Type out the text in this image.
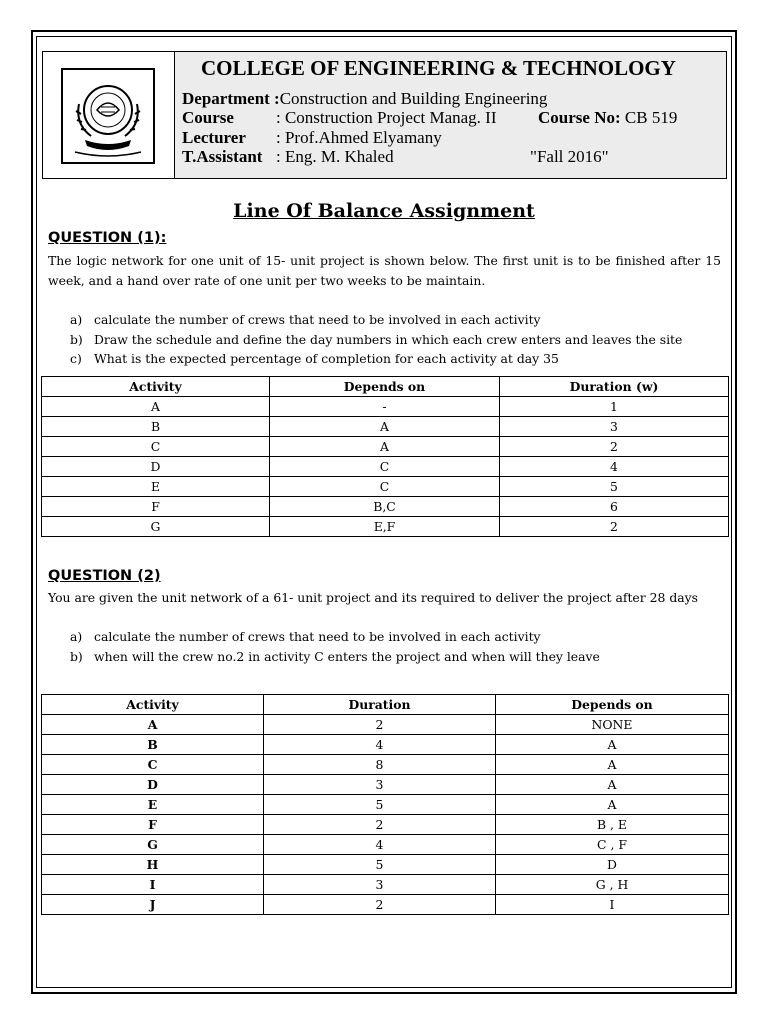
COLLEGE OF ENGINEERING & TECHNOLOGY
Department :Construction and Building Engineering
Course : Construction Project Manag. II Course No: CB 519
Lecturer : Prof.Ahmed Elyamany
T.Assistant : Eng. M. Khaled	"Fall 2016"
Line Of Balance Assignment
QUESTION (1):
The logic network for one unit of 15- unit project is shown below. The first unit is to be finished after 15 week, and a hand over rate of one unit per two weeks to be maintain.
a) calculate the number of crews that need to be involved in each activity
b) Draw the schedule and define the day numbers in which each crew enters and leaves the site
c) What is the expected percentage of completion for each activity at day 35
Activity	Depends on	Duration (w)
A	-	1
B	A	3
C	A	2
D	C	4
E	C	5
F	B,C	6
G	E,F	2
QUESTION (2)
You are given the unit network of a 61- unit project and its required to deliver the project after 28 days
a) calculate the number of crews that need to be involved in each activity
b) when will the crew no.2 in activity C enters the project and when will they leave
Activity	Duration	Depends on
A	2	NONE
B	4	A
C	8	A
D	3	A
E	5	A
F	2	B , E
G	4	C , F
H	5	D
I	3	G , H
J	2	I
